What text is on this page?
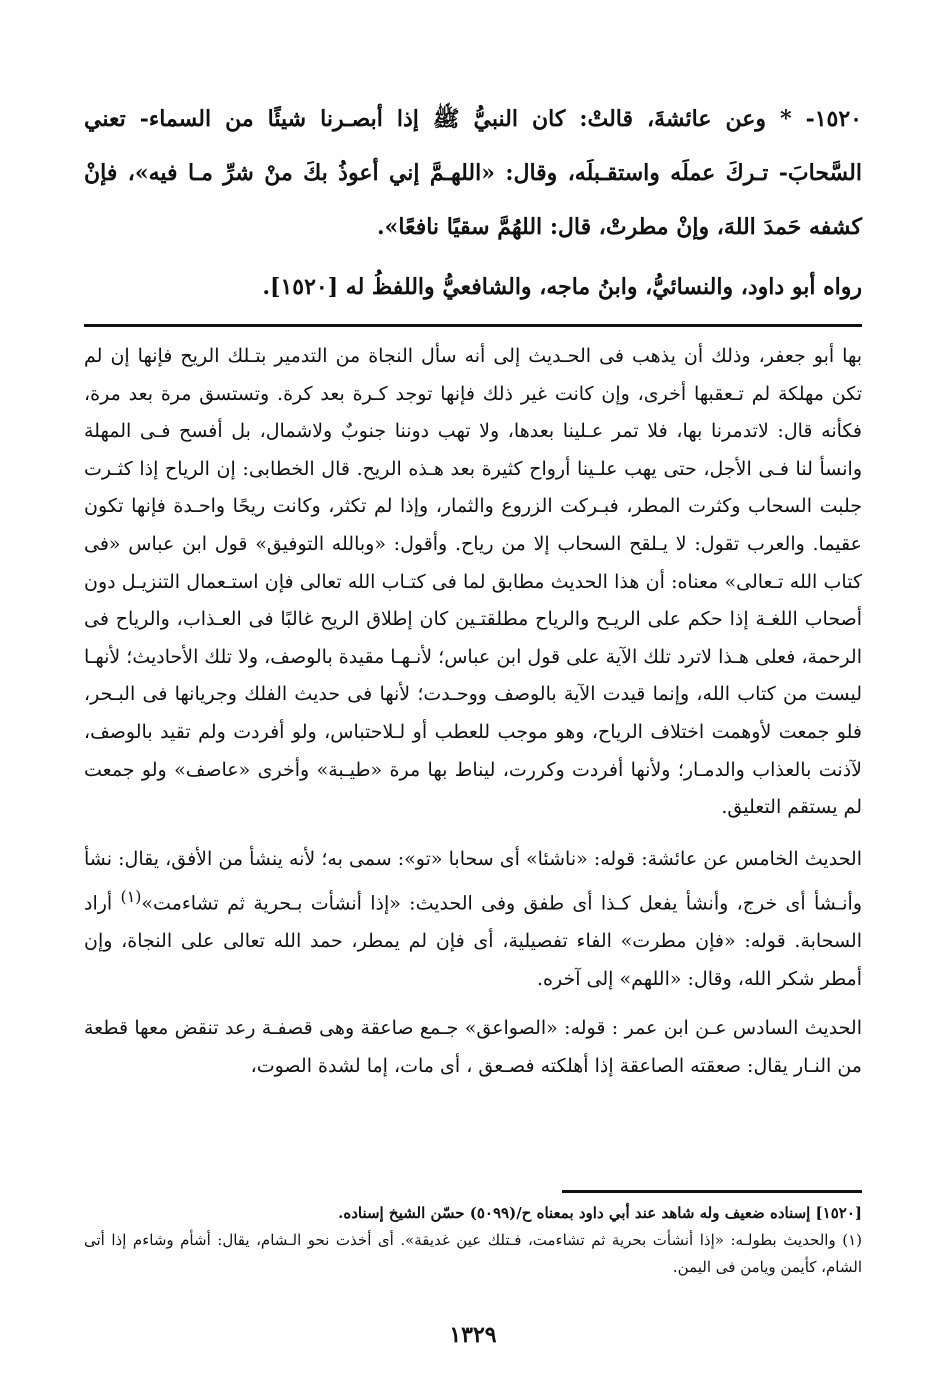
١٥٢٠- * وعن عائشةَ، قالتْ: كان النبيُّ ﷺ إذا أبصـرنا شيئًا من السماء- تعني السَّحابَ- تـركَ عملَه واستقـبلَه، وقال: «اللهـمَّ إني أعوذُ بكَ منْ شرِّ مـا فيه»، فإنْ كشفه حَمدَ اللهَ، وإنْ مطرتْ، قال: اللهُمَّ سقيًا نافعًا».

رواه أبو داود، والنسائيُّ، وابنُ ماجه، والشافعيُّ واللفظُ له [١٥٢٠].

بها أبو جعفر، وذلك أن يذهب فى الحـديث إلى أنه سأل النجاة من التدمير بتـلك الريح فإنها إن لم تكن مهلكة لم تـعقبها أخرى، وإن كانت غير ذلك فإنها توجد كـرة بعد كرة. وتستسق مرة بعد مرة، فكأنه قال: لاتدمرنا بها، فلا تمر عـلينا بعدها، ولا تهب دوننا جنوبٌ ولاشمال، بل أفسح فـى المهلة وانسأ لنا فـى الأجل، حتى يهب علـينا أرواح كثيرة بعد هـذه الريح. قال الخطابى: إن الرياح إذا كثـرت جلبت السحاب وكثرت المطر، فبـركت الزروع والثمار، وإذا لم تكثر، وكانت ريحًا واحـدة فإنها تكون عقيما. والعرب تقول: لا يـلقح السحاب إلا من رياح. وأقول: «وبالله التوفيق» قول ابن عباس «فى كتاب الله تـعالى» معناه: أن هذا الحديث مطابق لما فى كتـاب الله تعالى فإن استـعمال التنزيـل دون أصحاب اللغـة إذا حكم على الريـح والرياح مطلقتـين كان إطلاق الريح غالبًا فى العـذاب، والرياح فى الرحمة، فعلى هـذا لاترد تلك الآية على قول ابن عباس؛ لأنـهـا مقيدة بالوصف، ولا تلك الأحاديث؛ لأنهـا ليست من كتاب الله، وإنما قيدت الآية بالوصف ووحـدت؛ لأنها فى حديث الفلك وجريانها فى البـحر، فلو جمعت لأوهمت اختلاف الرياح، وهو موجب للعطب أو لـلاحتباس، ولو أفردت ولم تقيد بالوصف، لآذنت بالعذاب والدمـار؛ ولأنها أفردت وكررت، ليناط بها مرة «طيـبة» وأخرى «عاصف» ولو جمعت لم يستقم التعليق.

الحديث الخامس عن عائشة: قوله: «ناشئا» أى سحابا «تو»: سمى به؛ لأنه ينشأ من الأفق، يقال: نشأ وأنـشأ أى خرج، وأنشأ يفعل كـذا أى طفق وفى الحديث: «إذا أنشأت بـحرية ثم تشاءمت»$^{(١)}$ أراد السحابة. قوله: «فإن مطرت» الفاء تفصيلية، أى فإن لم يمطر، حمد الله تعالى على النجاة، وإن أمطر شكر الله، وقال: «اللهم» إلى آخره.

الحديث السادس عـن ابن عمر : قوله: «الصواعق» جـمع صاعقة وهى قصفـة رعد تنقض معها قطعة من النـار يقال: صعقته الصاعقة إذا أهلكته فصـعق ، أى مات، إما لشدة الصوت،

[١٥٢٠] إسناده ضعيف وله شاهد عند أبي داود بمعناه ح/(٥٠٩٩) حسّن الشيخ إسناده.

(١) والحديث بطولـه: «إذا أنشأت بحرية ثم تشاءمت، فـتلك عين غديقة». أى أخذت نحو الـشام، يقال: أشأم وشاءم إذا أتى الشام، كأيمن ويامن فى اليمن.

١٣٢٩
